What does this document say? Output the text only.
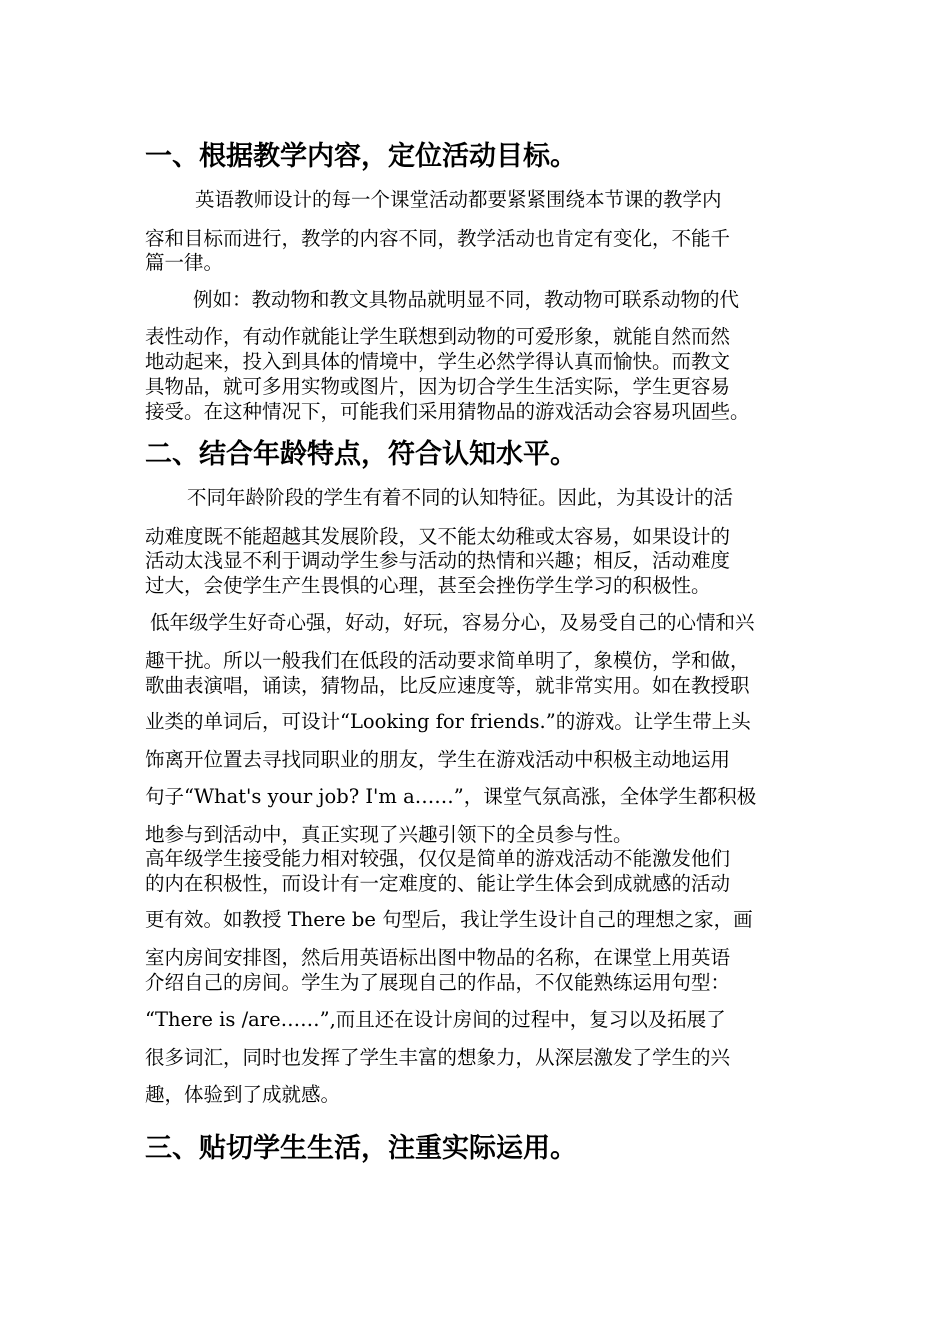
一、根据教学内容，定位活动目标。

英语教师设计的每一个课堂活动都要紧紧围绕本节课的教学内

容和目标而进行，教学的内容不同，教学活动也肯定有变化，不能千

篇一律。

例如：教动物和教文具物品就明显不同，教动物可联系动物的代

表性动作，有动作就能让学生联想到动物的可爱形象，就能自然而然

地动起来，投入到具体的情境中，学生必然学得认真而愉快。而教文

具物品，就可多用实物或图片，因为切合学生生活实际，学生更容易

接受。在这种情况下，可能我们采用猜物品的游戏活动会容易巩固些。

二、结合年龄特点，符合认知水平。

不同年龄阶段的学生有着不同的认知特征。因此，为其设计的活

动难度既不能超越其发展阶段，又不能太幼稚或太容易，如果设计的

活动太浅显不利于调动学生参与活动的热情和兴趣；相反，活动难度

过大，会使学生产生畏惧的心理，甚至会挫伤学生学习的积极性。

低年级学生好奇心强，好动，好玩，容易分心，及易受自己的心情和兴

趣干扰。所以一般我们在低段的活动要求简单明了，象模仿，学和做，

歌曲表演唱，诵读，猜物品，比反应速度等，就非常实用。如在教授职

业类的单词后，可设计“Looking for friends.”的游戏。让学生带上头

饰离开位置去寻找同职业的朋友，学生在游戏活动中积极主动地运用

句子“What's your job? I'm a……”，课堂气氛高涨，全体学生都积极

地参与到活动中，真正实现了兴趣引领下的全员参与性。

高年级学生接受能力相对较强，仅仅是简单的游戏活动不能激发他们

的内在积极性，而设计有一定难度的、能让学生体会到成就感的活动

更有效。如教授 There be 句型后，我让学生设计自己的理想之家，画

室内房间安排图，然后用英语标出图中物品的名称，在课堂上用英语

介绍自己的房间。学生为了展现自己的作品，不仅能熟练运用句型：

“There is /are……”,而且还在设计房间的过程中，复习以及拓展了

很多词汇，同时也发挥了学生丰富的想象力，从深层激发了学生的兴

趣，体验到了成就感。

三、贴切学生生活，注重实际运用。
